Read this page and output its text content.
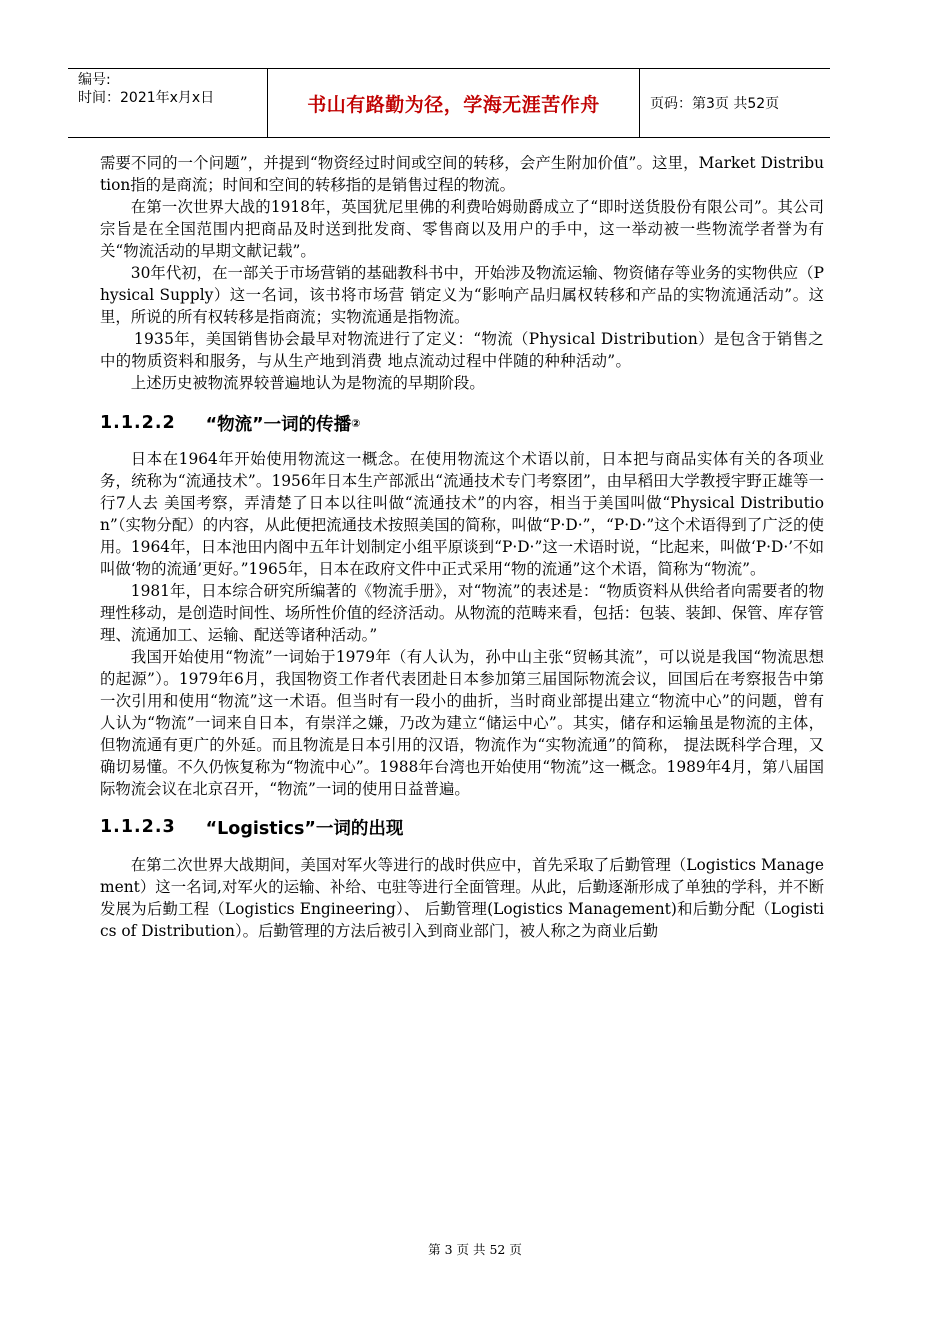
编号:
时间：2021年x月x日	书山有路勤为径，学海无涯苦作舟	页码：第3页 共52页

需要不同的一个问题”，并提到“物资经过时间或空间的转移，会产生附加价值”。这里，Market Distribution指的是商流；时间和空间的转移指的是销售过程的物流。

在第一次世界大战的1918年，英国犹尼里佛的利费哈姆勋爵成立了“即时送货股份有限公司”。其公司宗旨是在全国范围内把商品及时送到批发商、零售商以及用户的手中，这一举动被一些物流学者誉为有关“物流活动的早期文献记载”。

30年代初，在一部关于市场营销的基础教科书中，开始涉及物流运输、物资储存等业务的实物供应（Physical Supply）这一名词，该书将市场营 销定义为“影响产品归属权转移和产品的实物流通活动”。这里，所说的所有权转移是指商流；实物流通是指物流。

1935年，美国销售协会最早对物流进行了定义：“物流（Physical Distribution）是包含于销售之中的物质资料和服务，与从生产地到消费 地点流动过程中伴随的种种活动”。

上述历史被物流界较普遍地认为是物流的早期阶段。

1.1.2.2 “物流”一词的传播 ②

日本在1964年开始使用物流这一概念。在使用物流这个术语以前，日本把与商品实体有关的各项业务，统称为“流通技术”。1956年日本生产部派出“流通技术专门考察团”，由早稻田大学教授宇野正雄等一行7人去 美国考察，弄清楚了日本以往叫做“流通技术”的内容，相当于美国叫做“Physical Distribution”（实物分配）的内容，从此便把流通技术按照美国的简称，叫做“P·D·”，“P·D·”这个术语得到了广泛的使 用。1964年，日本池田内阁中五年计划制定小组平原谈到“P·D·”这一术语时说，“比起来，叫做‘P·D·’不如叫做‘物的流通’更好。”1965年，日本在政府文件中正式采用“物的流通”这个术语，简称为“物流”。

1981年，日本综合研究所编著的《物流手册》，对“物流”的表述是：“物质资料从供给者向需要者的物理性移动，是创造时间性、场所性价值的经济活动。从物流的范畴来看，包括：包装、装卸、保管、库存管理、流通加工、运输、配送等诸种活动。”

我国开始使用“物流”一词始于1979年（有人认为，孙中山主张“贸畅其流”，可以说是我国“物流思想的起源”）。1979年6月，我国物资工作者代表团赴日本参加第三届国际物流会议，回国后在考察报告中第一次引用和使用“物流”这一术语。但当时有一段小的曲折，当时商业部提出建立“物流中心”的问题，曾有人认为“物流”一词来自日本，有崇洋之嫌，乃改为建立“储运中心”。其实，储存和运输虽是物流的主体，但物流通有更广的外延。而且物流是日本引用的汉语，物流作为“实物流通”的简称， 提法既科学合理，又确切易懂。不久仍恢复称为“物流中心”。1988年台湾也开始使用“物流”这一概念。1989年4月，第八届国际物流会议在北京召开，“物流”一词的使用日益普遍。

1.1.2.3 “Logistics”一词的出现

在第二次世界大战期间，美国对军火等进行的战时供应中，首先采取了后勤管理（Logistics Management）这一名词,对军火的运输、补给、屯驻等进行全面管理。从此，后勤逐渐形成了单独的学科，并不断发展为后勤工程（Logistics Engineering）、 后勤管理(Logistics Management)和后勤分配（Logistics of Distribution）。后勤管理的方法后被引入到商业部门，被人称之为商业后勤

第 3 页 共 52 页
